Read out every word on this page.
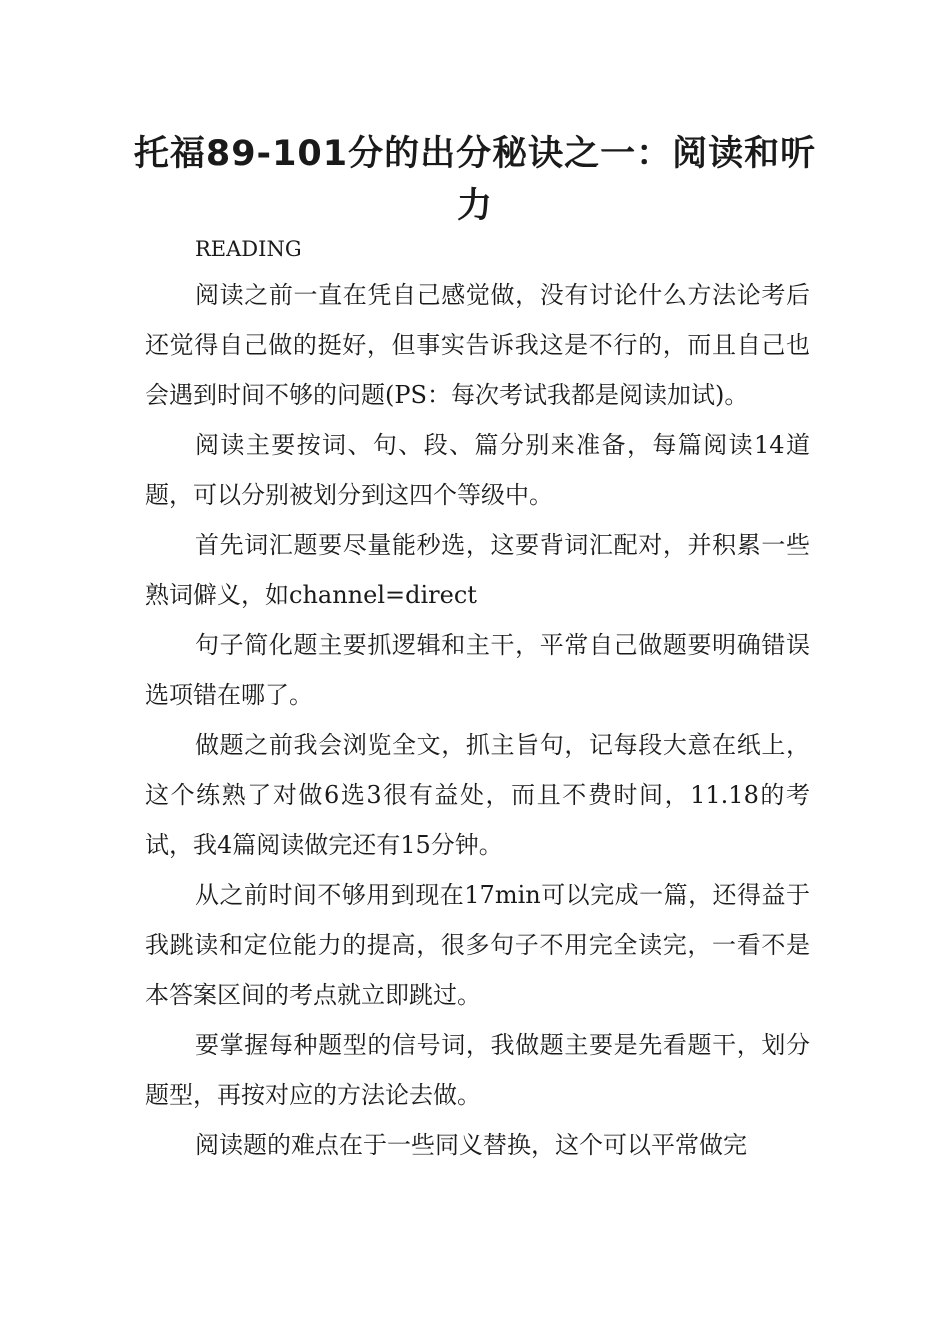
托福89-101分的出分秘诀之一：阅读和听力

READING

阅读之前一直在凭自己感觉做，没有讨论什么方法论考后还觉得自己做的挺好，但事实告诉我这是不行的，而且自己也会遇到时间不够的问题(PS：每次考试我都是阅读加试)。

阅读主要按词、句、段、篇分别来准备，每篇阅读14道题，可以分别被划分到这四个等级中。

首先词汇题要尽量能秒选，这要背词汇配对，并积累一些熟词僻义，如channel=direct

句子简化题主要抓逻辑和主干，平常自己做题要明确错误选项错在哪了。

做题之前我会浏览全文，抓主旨句，记每段大意在纸上，这个练熟了对做6选3很有益处，而且不费时间，11.18的考试，我4篇阅读做完还有15分钟。

从之前时间不够用到现在17min可以完成一篇，还得益于我跳读和定位能力的提高，很多句子不用完全读完，一看不是本答案区间的考点就立即跳过。

要掌握每种题型的信号词，我做题主要是先看题干，划分题型，再按对应的方法论去做。

阅读题的难点在于一些同义替换，这个可以平常做完
